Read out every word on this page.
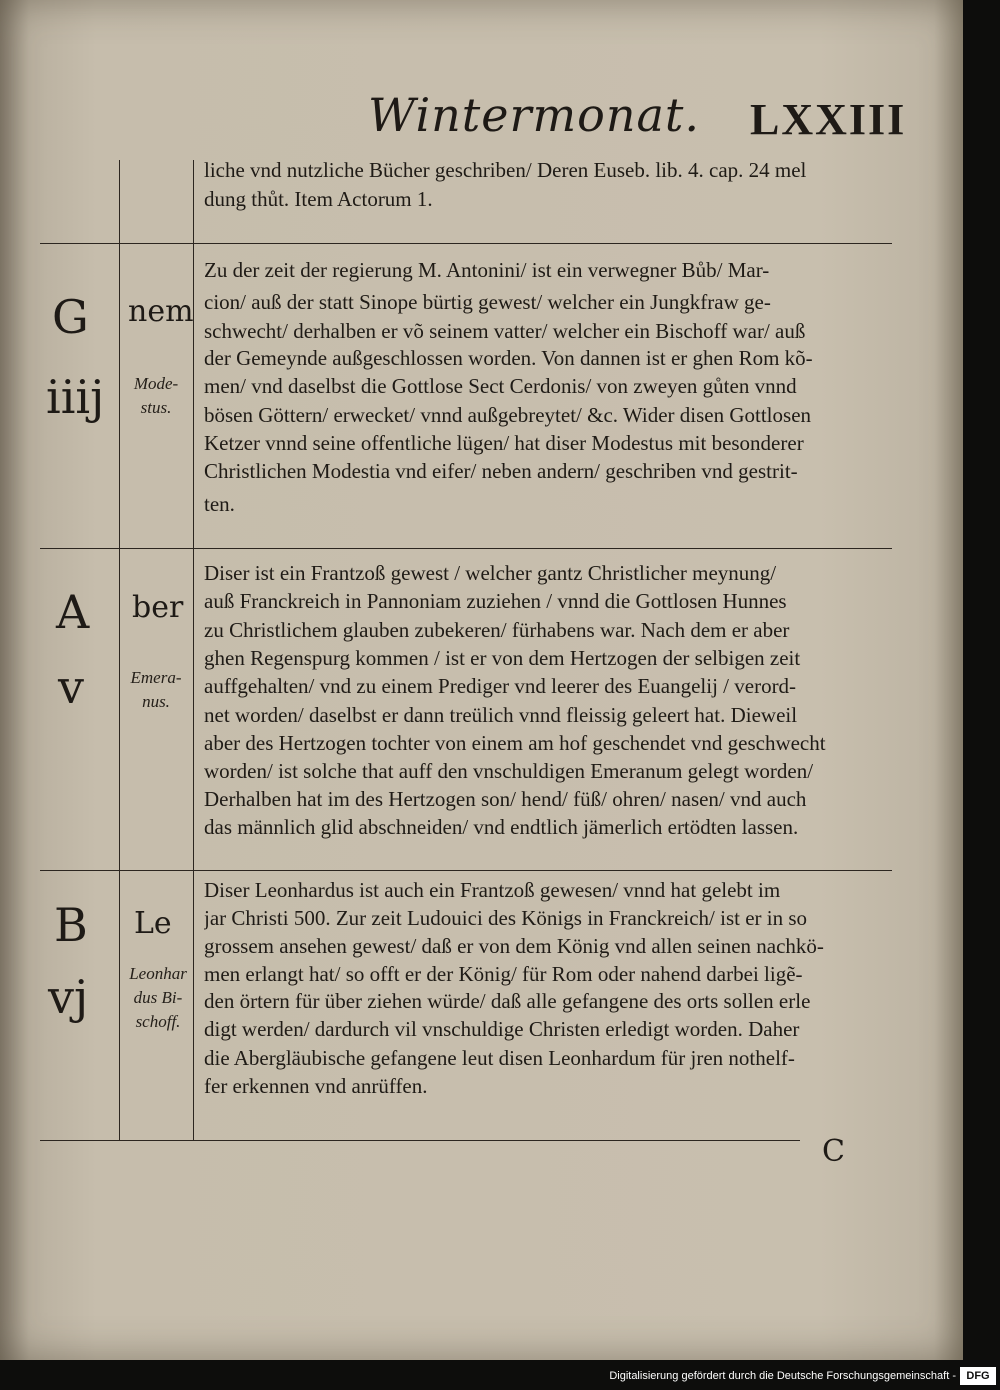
Wintermonat. LXXIII
liche vnd nutzliche Bücher geschriben/ Deren Euseb. lib. 4. cap. 24 mel
dung thůt. Item Actorum 1.
G
iiij
nem
Mode- stus.
Zu der zeit der regierung M. Antonini/ ist ein verwegner Bůb/ Mar-
cion/ auß der statt Sinope bürtig gewest/ welcher ein Jungkfraw ge-
schwecht/ derhalben er võ seinem vatter/ welcher ein Bischoff war/ auß
der Gemeynde außgeschlossen worden. Von dannen ist er ghen Rom kõ-
men/ vnd daselbst die Gottlose Sect Cerdonis/ von zweyen gůten vnnd
bösen Göttern/ erwecket/ vnnd außgebreytet/ &c. Wider disen Gottlosen
Ketzer vnnd seine offentliche lügen/ hat diser Modestus mit besonderer
Christlichen Modestia vnd eifer/ neben andern/ geschriben vnd gestrit-
ten.
A
v
ber
Emera- nus.
Diser ist ein Frantzoß gewest / welcher gantz Christlicher meynung/
auß Franckreich in Pannoniam zuziehen / vnnd die Gottlosen Hunnes
zu Christlichem glauben zubekeren/ fürhabens war. Nach dem er aber
ghen Regenspurg kommen / ist er von dem Hertzogen der selbigen zeit
auffgehalten/ vnd zu einem Prediger vnd leerer des Euangelij / verord-
net worden/ daselbst er dann treülich vnnd fleissig geleert hat. Dieweil
aber des Hertzogen tochter von einem am hof geschendet vnd geschwecht
worden/ ist solche that auff den vnschuldigen Emeranum gelegt worden/
Derhalben hat im des Hertzogen son/ hend/ füß/ ohren/ nasen/ vnd auch
das männlich glid abschneiden/ vnd endtlich jämerlich ertödten lassen.
B
vj
Le
Leonhar dus Bi- schoff.
Diser Leonhardus ist auch ein Frantzoß gewesen/ vnnd hat gelebt im
jar Christi 500. Zur zeit Ludouici des Königs in Franckreich/ ist er in so
grossem ansehen gewest/ daß er von dem König vnd allen seinen nachkö-
men erlangt hat/ so offt er der König/ für Rom oder nahend darbei ligẽ-
den örtern für über ziehen würde/ daß alle gefangene des orts sollen erle
digt werden/ dardurch vil vnschuldige Christen erledigt worden. Daher
die Abergläubische gefangene leut disen Leonhardum für jren nothelf-
fer erkennen vnd anrüffen.
C
Digitalisierung gefördert durch die Deutsche Forschungsgemeinschaft - DFG
